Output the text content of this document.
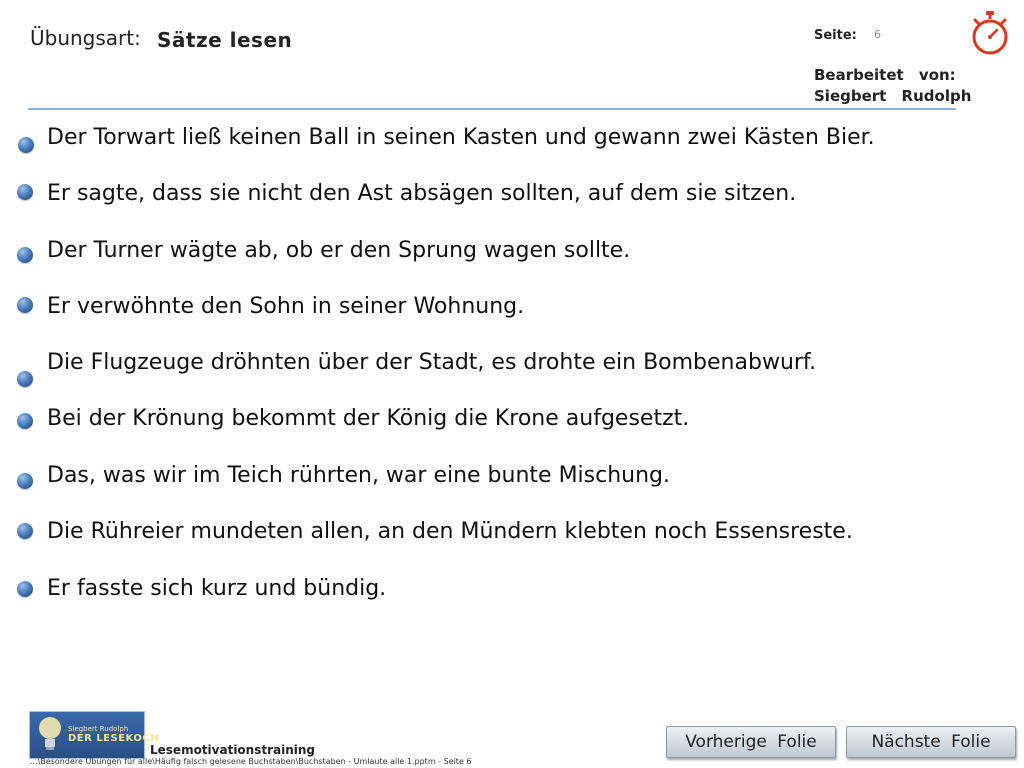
Übungsart: Sätze lesen	Seite: 6
Bearbeitet von:
Siegbert Rudolph
Der Torwart ließ keinen Ball in seinen Kasten und gewann zwei Kästen Bier.
Er sagte, dass sie nicht den Ast absägen sollten, auf dem sie sitzen.
Der Turner wägte ab, ob er den Sprung wagen sollte.
Er verwöhnte den Sohn in seiner Wohnung.
Die Flugzeuge dröhnten über der Stadt, es drohte ein Bombenabwurf.
Bei der Krönung bekommt der König die Krone aufgesetzt.
Das, was wir im Teich rührten, war eine bunte Mischung.
Die Rühreier mundeten allen, an den Mündern klebten noch Essensreste.
Er fasste sich kurz und bündig.
Siegbert Rudolph
DER LESEKOCH
Lesemotivationstraining
...\Besondere Übungen für alle\Häufig falsch gelesene Buchstaben\Buchstaben - Umlaute alle 1.pptm - Seite 6
Vorherige Folie	Nächste Folie
